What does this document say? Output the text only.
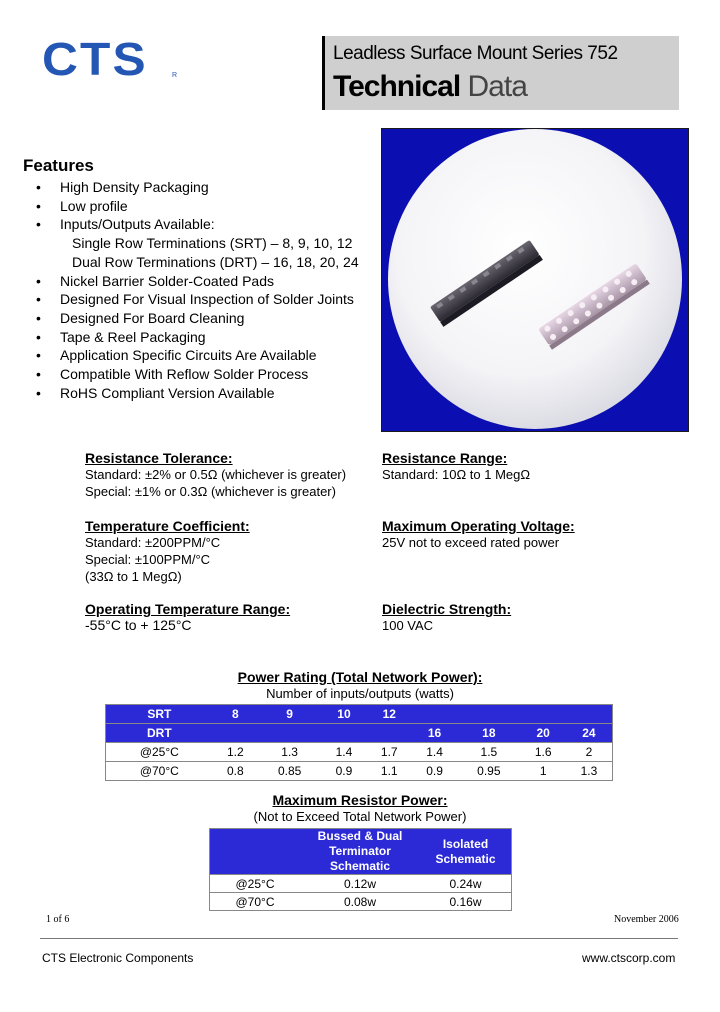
CTS	R
Leadless Surface Mount Series 752
Technical Data
Features
• High Density Packaging
• Low profile
• Inputs/Outputs Available:
Single Row Terminations (SRT) – 8, 9, 10, 12
Dual Row Terminations (DRT) – 16, 18, 20, 24
• Nickel Barrier Solder-Coated Pads
• Designed For Visual Inspection of Solder Joints
• Designed For Board Cleaning
• Tape & Reel Packaging
• Application Specific Circuits Are Available
• Compatible With Reflow Solder Process
• RoHS Compliant Version Available
Resistance Tolerance:
Standard: ±2% or 0.5Ω (whichever is greater)
Special: ±1% or 0.3Ω (whichever is greater)
Resistance Range:
Standard: 10Ω to 1 MegΩ
Temperature Coefficient:
Standard: ±200PPM/°C
Special: ±100PPM/°C
(33Ω to 1 MegΩ)
Maximum Operating Voltage:
25V not to exceed rated power
Operating Temperature Range:
-55°C to + 125°C
Dielectric Strength:
100 VAC
Power Rating (Total Network Power):
Number of inputs/outputs (watts)
SRT	8	9	10	12				
DRT					16	18	20	24
@25°C	1.2	1.3	1.4	1.7	1.4	1.5	1.6	2
@70°C	0.8	0.85	0.9	1.1	0.9	0.95	1	1.3
Maximum Resistor Power:
(Not to Exceed Total Network Power)
	Bussed & Dual Terminator Schematic	Isolated Schematic
@25°C	0.12w	0.24w
@70°C	0.08w	0.16w
1 of 6	November 2006
CTS Electronic Components	www.ctscorp.com
